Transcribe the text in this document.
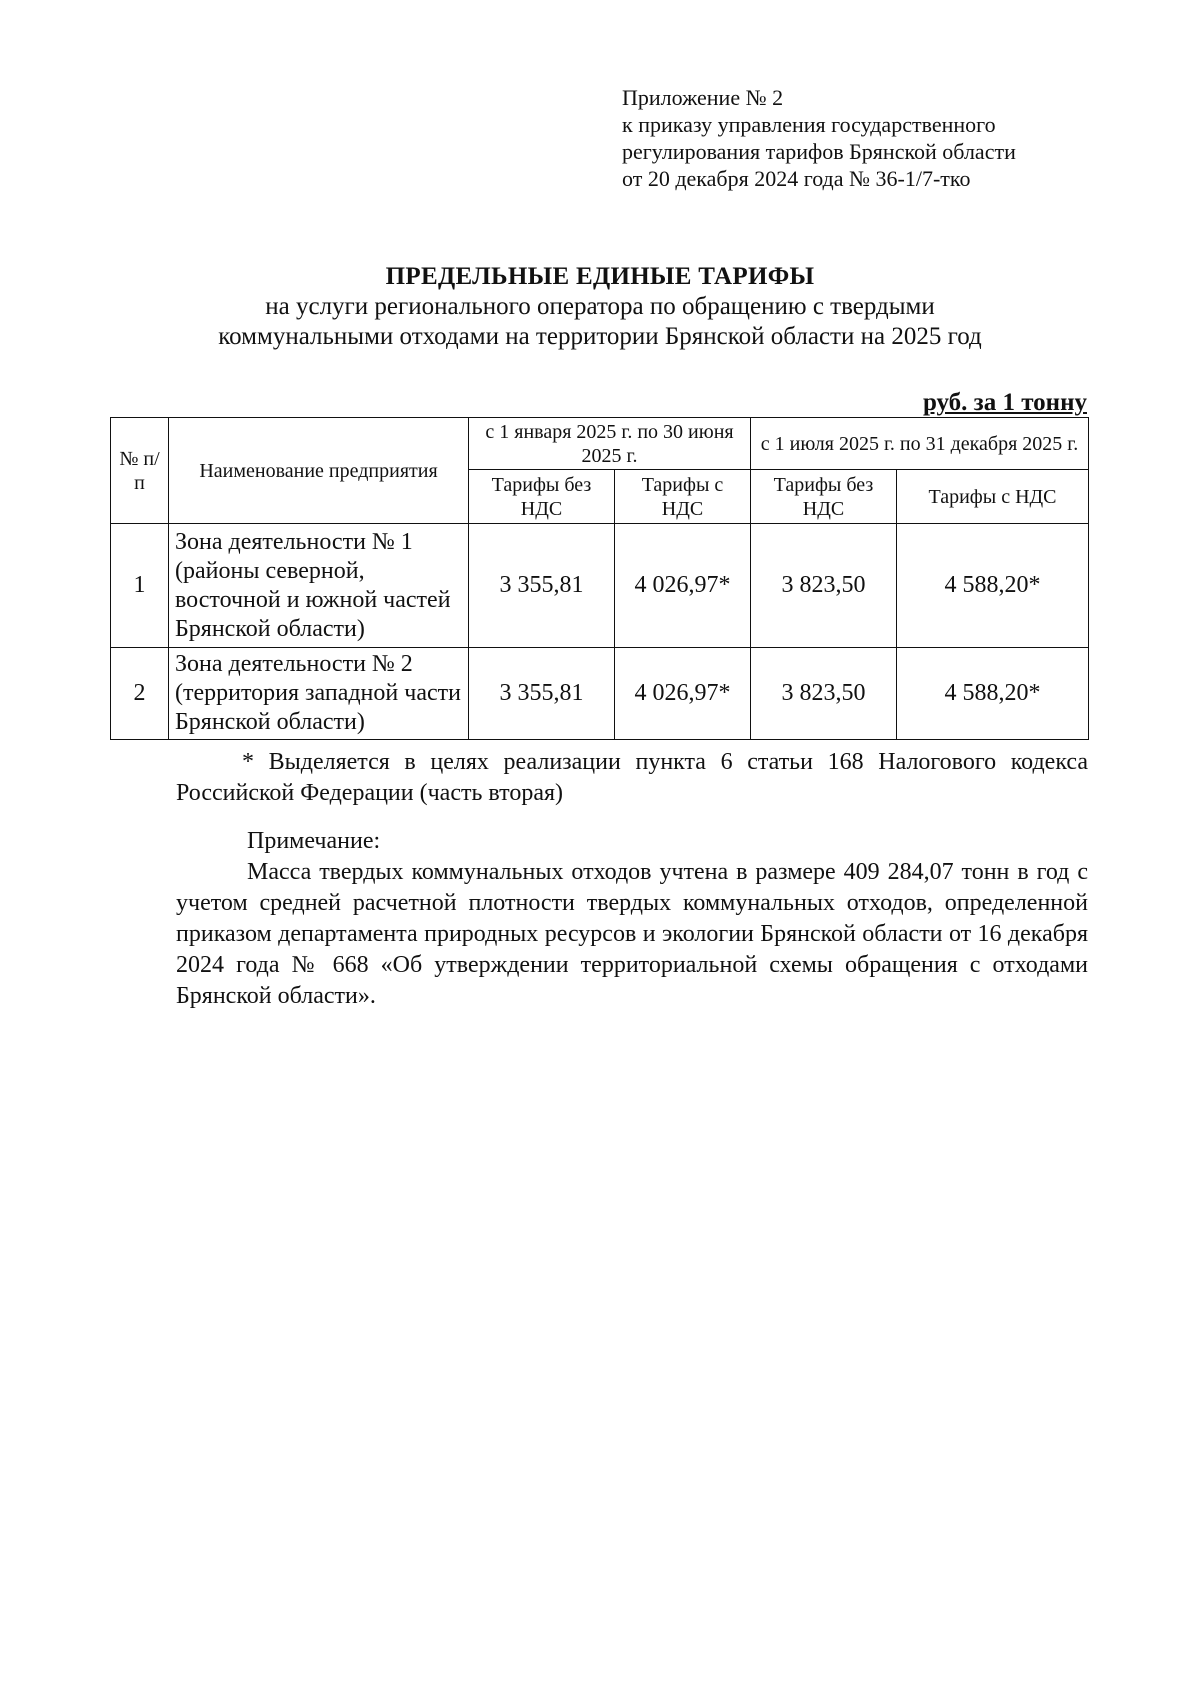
Приложение № 2
к приказу управления государственного
регулирования тарифов Брянской области
от 20 декабря 2024 года № 36-1/7-тко
ПРЕДЕЛЬНЫЕ ЕДИНЫЕ ТАРИФЫ
на услуги регионального оператора по обращению с твердыми
коммунальными отходами на территории Брянской области на 2025 год
руб. за 1 тонну
№ п/п	Наименование предприятия	с 1 января 2025 г. по 30 июня 2025 г.		с 1 июля 2025 г. по 31 декабря 2025 г.	
		Тарифы без НДС	Тарифы с НДС	Тарифы без НДС	Тарифы с НДС
1	Зона деятельности № 1 (районы северной, восточной и южной частей Брянской области)	3 355,81	4 026,97*	3 823,50	4 588,20*
2	Зона деятельности № 2 (территория западной части Брянской области)	3 355,81	4 026,97*	3 823,50	4 588,20*
* Выделяется в целях реализации пункта 6 статьи 168 Налогового кодекса Российской Федерации (часть вторая)
Примечание:
Масса твердых коммунальных отходов учтена в размере 409 284,07 тонн в год с учетом средней расчетной плотности твердых коммунальных отходов, определенной приказом департамента природных ресурсов и экологии Брянской области от 16 декабря 2024 года № 668 «Об утверждении территориальной схемы обращения с отходами Брянской области».
